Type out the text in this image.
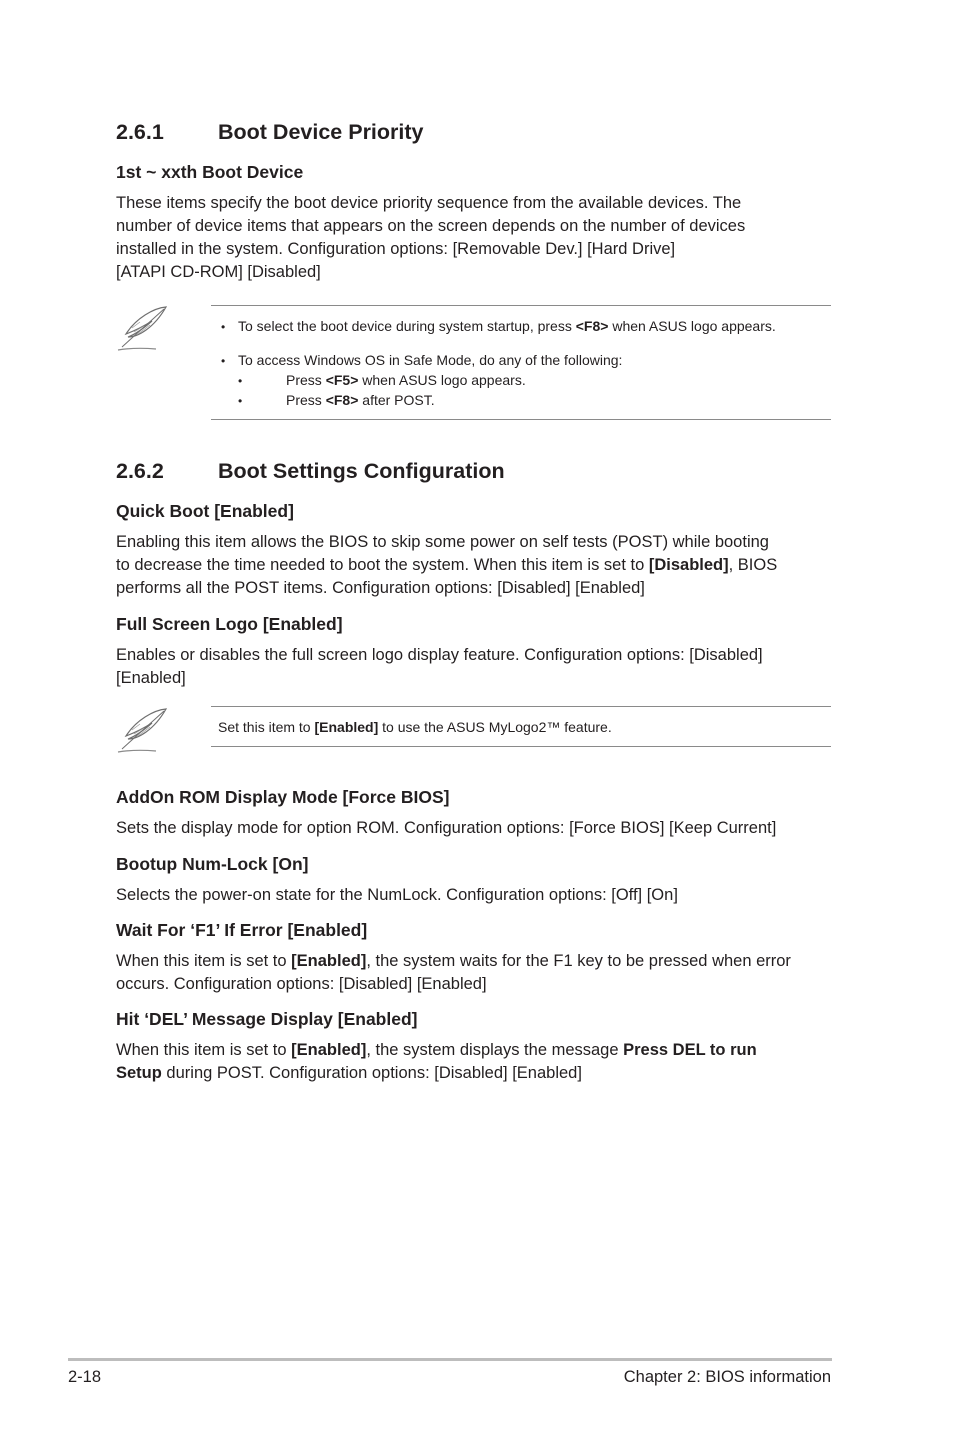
2.6.1	Boot Device Priority
1st ~ xxth Boot Device
These items specify the boot device priority sequence from the available devices. The
number of device items that appears on the screen depends on the number of devices
installed in the system. Configuration options: [Removable Dev.] [Hard Drive]
[ATAPI CD-ROM] [Disabled]
• To select the boot device during system startup, press <F8> when ASUS logo appears.
• To access Windows OS in Safe Mode, do any of the following:
•	Press <F5> when ASUS logo appears.
•	Press <F8> after POST.
2.6.2	Boot Settings Configuration
Quick Boot [Enabled]
Enabling this item allows the BIOS to skip some power on self tests (POST) while booting
to decrease the time needed to boot the system. When this item is set to [Disabled], BIOS
performs all the POST items. Configuration options: [Disabled] [Enabled]
Full Screen Logo [Enabled]
Enables or disables the full screen logo display feature. Configuration options: [Disabled]
[Enabled]
Set this item to [Enabled] to use the ASUS MyLogo2™ feature.
AddOn ROM Display Mode [Force BIOS]
Sets the display mode for option ROM. Configuration options: [Force BIOS] [Keep Current]
Bootup Num-Lock [On]
Selects the power-on state for the NumLock. Configuration options: [Off] [On]
Wait For ‘F1’ If Error [Enabled]
When this item is set to [Enabled], the system waits for the F1 key to be pressed when error
occurs. Configuration options: [Disabled] [Enabled]
Hit ‘DEL’ Message Display [Enabled]
When this item is set to [Enabled], the system displays the message Press DEL to run
Setup during POST. Configuration options: [Disabled] [Enabled]
2-18	Chapter 2: BIOS information
